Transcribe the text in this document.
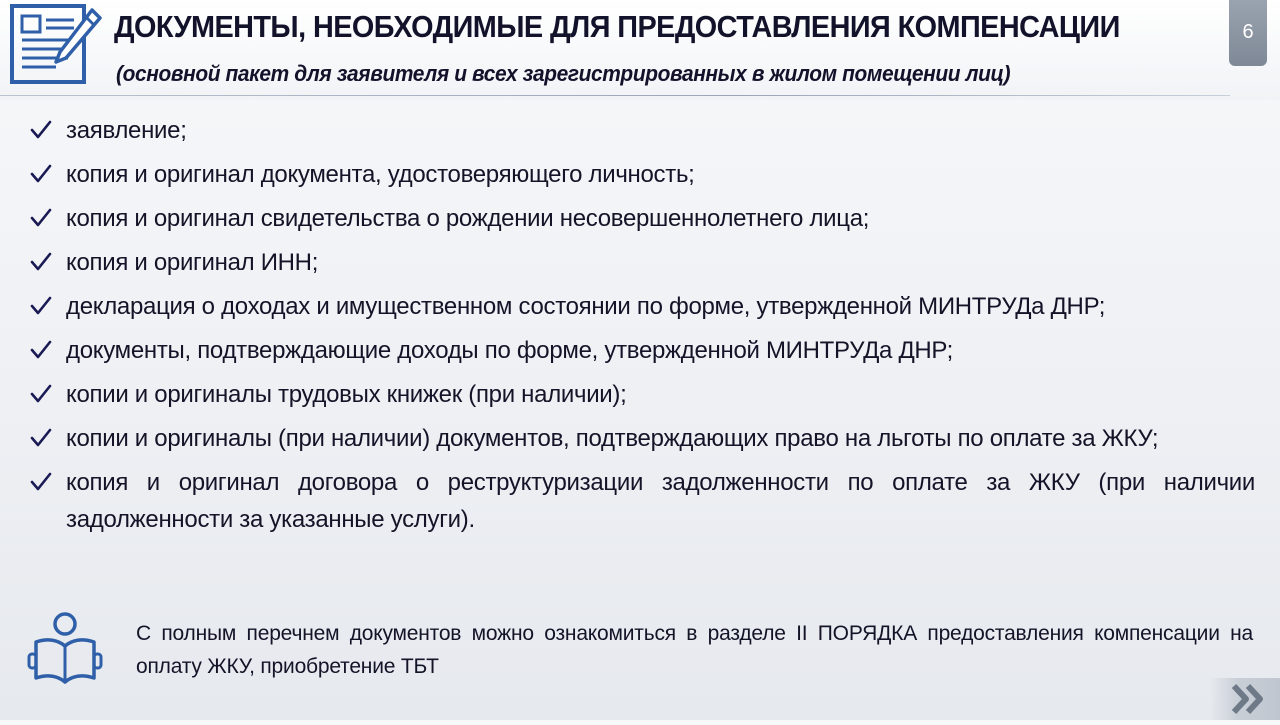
ДОКУМЕНТЫ, НЕОБХОДИМЫЕ ДЛЯ ПРЕДОСТАВЛЕНИЯ КОМПЕНСАЦИИ
(основной пакет для заявителя и всех зарегистрированных в жилом помещении лиц)
6
заявление;
копия и оригинал документа, удостоверяющего личность;
копия и оригинал свидетельства о рождении несовершеннолетнего лица;
копия и оригинал ИНН;
декларация о доходах и имущественном состоянии по форме, утвержденной МИНТРУДа ДНР;
документы, подтверждающие доходы по форме, утвержденной МИНТРУДа ДНР;
копии и оригиналы трудовых книжек (при наличии);
копии и оригиналы (при наличии) документов, подтверждающих право на льготы по оплате за ЖКУ;
копия и оригинал договора о реструктуризации задолженности по оплате за ЖКУ (при наличии задолженности за указанные услуги).
С полным перечнем документов можно ознакомиться в разделе II ПОРЯДКА предоставления компенсации на оплату ЖКУ, приобретение ТБТ
